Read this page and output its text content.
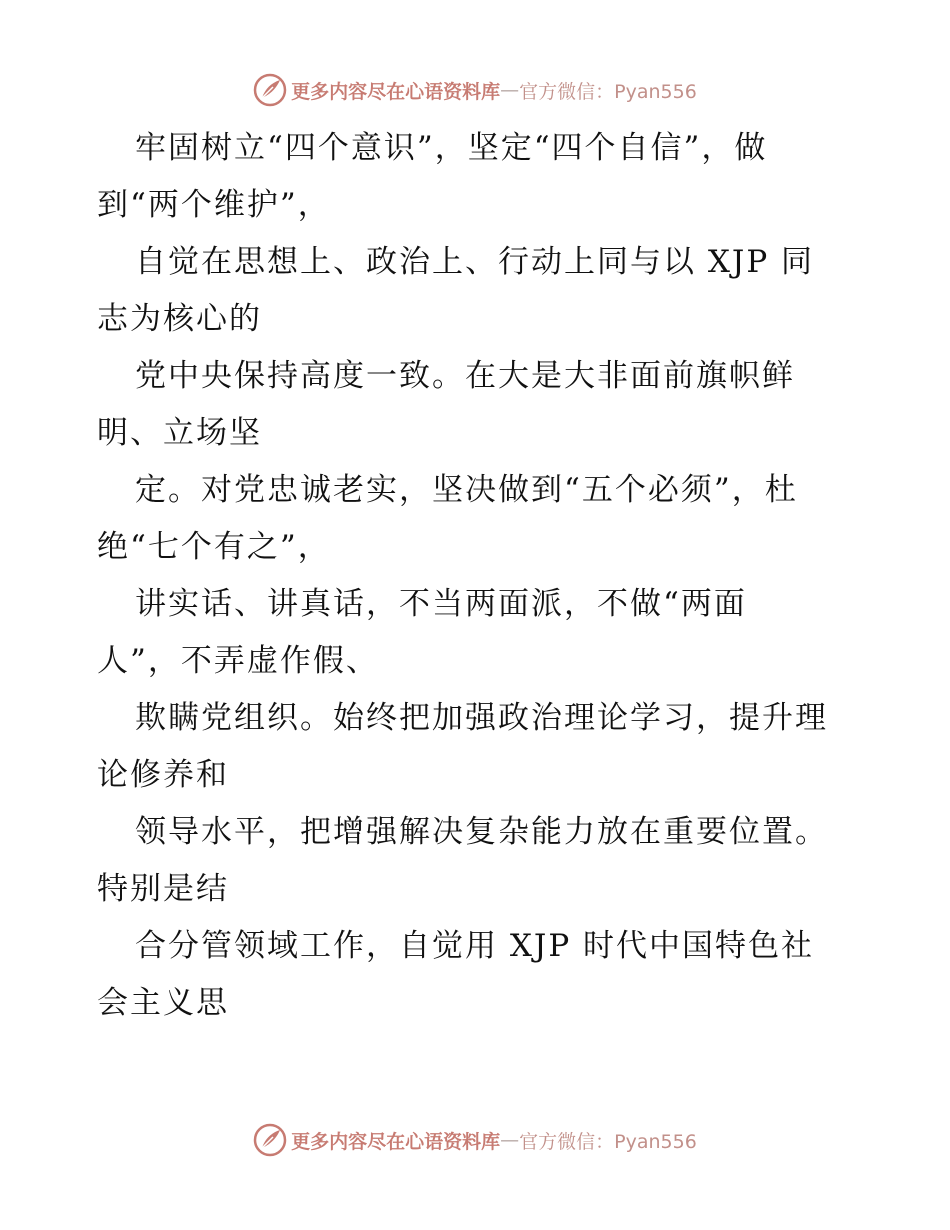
更多内容尽在心语资料库 — 官方微信：Pyan556
牢固树立“四个意识”，坚定“四个自信”，做
到“两个维护”，
自觉在思想上、政治上、行动上同与以 XJP 同
志为核心的
党中央保持高度一致。在大是大非面前旗帜鲜
明、立场坚
定。对党忠诚老实，坚决做到“五个必须”，杜
绝“七个有之”，
讲实话、讲真话，不当两面派，不做“两面
人”，不弄虚作假、
欺瞒党组织。始终把加强政治理论学习，提升理
论修养和
领导水平，把增强解决复杂能力放在重要位置。
特别是结
合分管领域工作，自觉用 XJP 时代中国特色社
会主义思
更多内容尽在心语资料库 — 官方微信：Pyan556
